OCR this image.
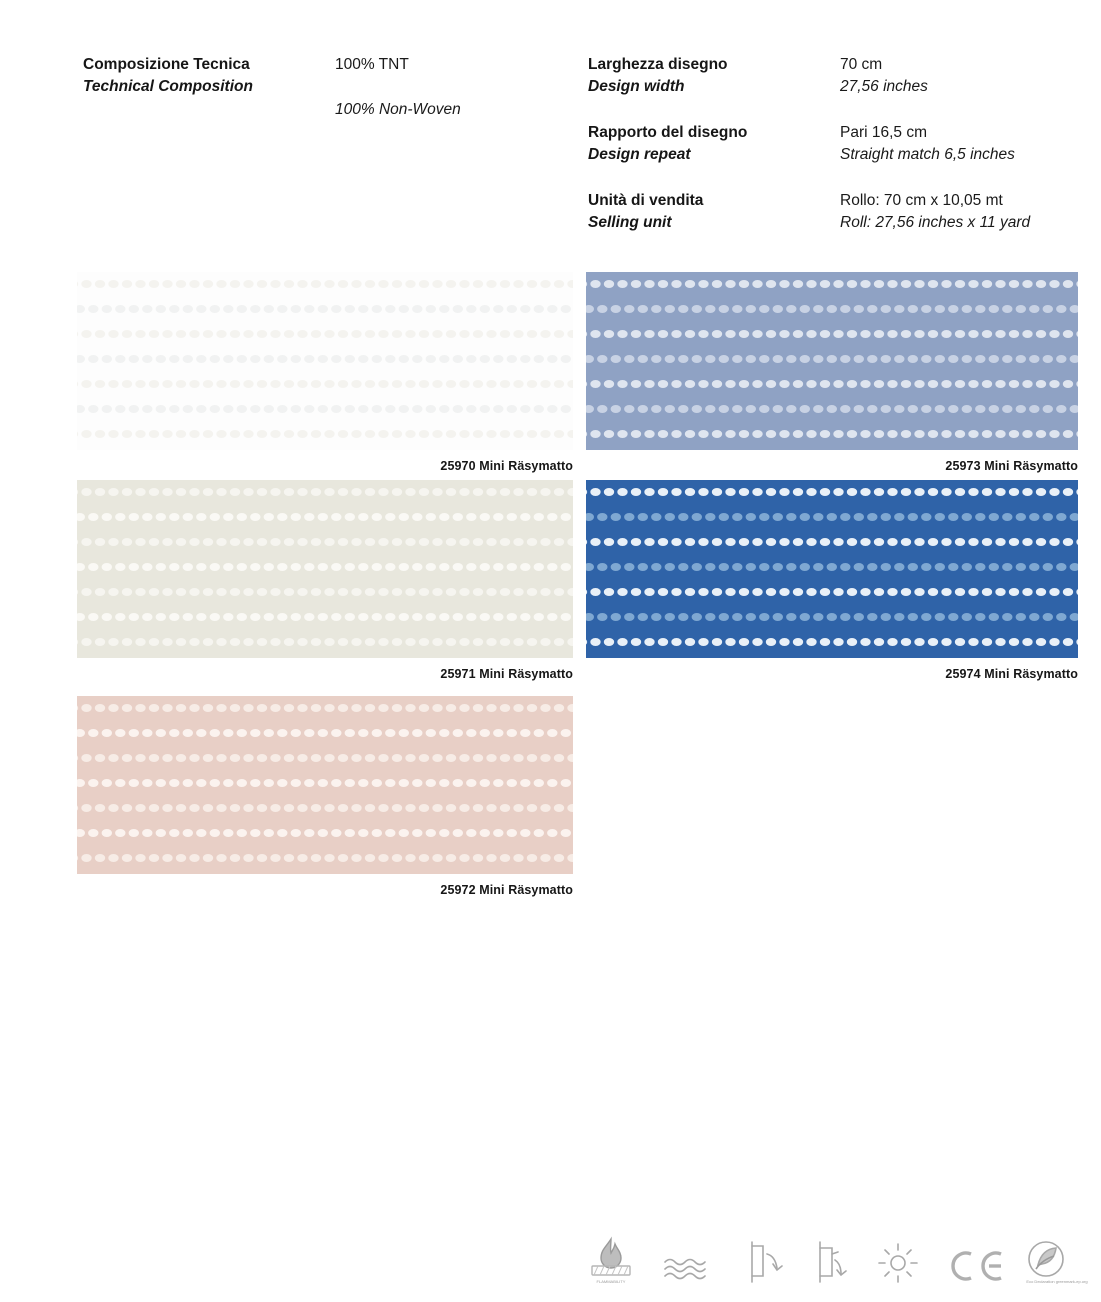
Composizione Tecnica
Technical Composition
100% TNT
100% Non-Woven
Larghezza disegno
Design width
70 cm
27,56 inches
Rapporto del disegno
Design repeat
Pari 16,5 cm
Straight match 6,5 inches
Unità di vendita
Selling unit
Rollo: 70 cm x 10,05 mt
Roll: 27,56 inches x 11 yard
25970 Mini Räsymatto
25971 Mini Räsymatto
25972 Mini Räsymatto
25973 Mini Räsymatto
25974 Mini Räsymatto
FLAMMABILITY	Eco Declaration greenmark-ep.org
